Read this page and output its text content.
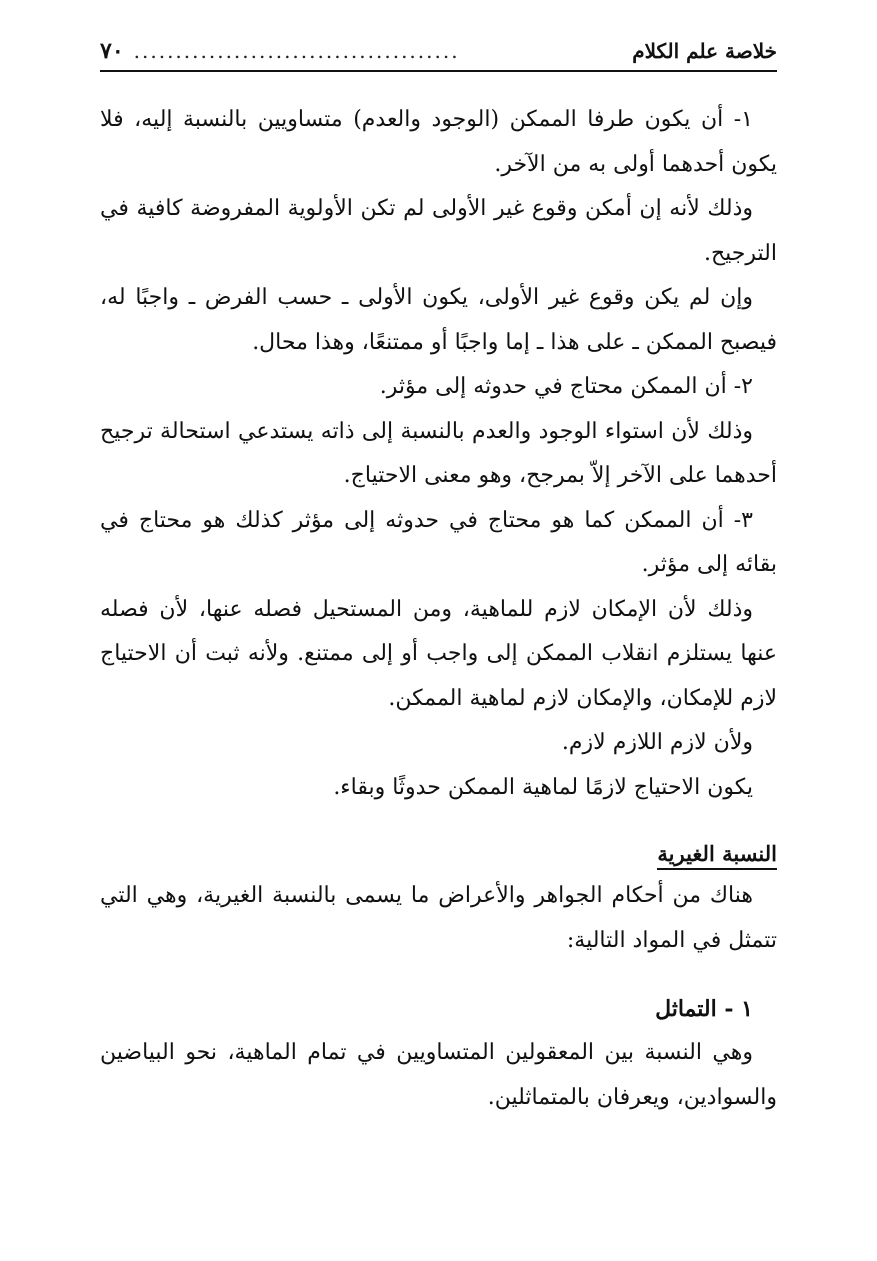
خلاصة علم الكلام
٧٠ .......................................

١- أن يكون طرفا الممكن (الوجود والعدم) متساويين بالنسبة إليه، فلا يكون أحدهما أولى به من الآخر.

وذلك لأنه إن أمكن وقوع غير الأولى لم تكن الأولوية المفروضة كافية في الترجيح.

وإن لم يكن وقوع غير الأولى، يكون الأولى ـ حسب الفرض ـ واجبًا له، فيصبح الممكن ـ على هذا ـ إما واجبًا أو ممتنعًا، وهذا محال.

٢- أن الممكن محتاج في حدوثه إلى مؤثر.

وذلك لأن استواء الوجود والعدم بالنسبة إلى ذاته يستدعي استحالة ترجيح أحدهما على الآخر إلاّ بمرجح، وهو معنى الاحتياج.

٣- أن الممكن كما هو محتاج في حدوثه إلى مؤثر كذلك هو محتاج في بقائه إلى مؤثر.

وذلك لأن الإمكان لازم للماهية، ومن المستحيل فصله عنها، لأن فصله عنها يستلزم انقلاب الممكن إلى واجب أو إلى ممتنع. ولأنه ثبت أن الاحتياج لازم للإمكان، والإمكان لازم لماهية الممكن.

ولأن لازم اللازم لازم.

يكون الاحتياج لازمًا لماهية الممكن حدوثًا وبقاء.

النسبة الغيرية

هناك من أحكام الجواهر والأعراض ما يسمى بالنسبة الغيرية، وهي التي تتمثل في المواد التالية:

١ - التماثل

وهي النسبة بين المعقولين المتساويين في تمام الماهية، نحو البياضين والسوادين، ويعرفان بالمتماثلين.
